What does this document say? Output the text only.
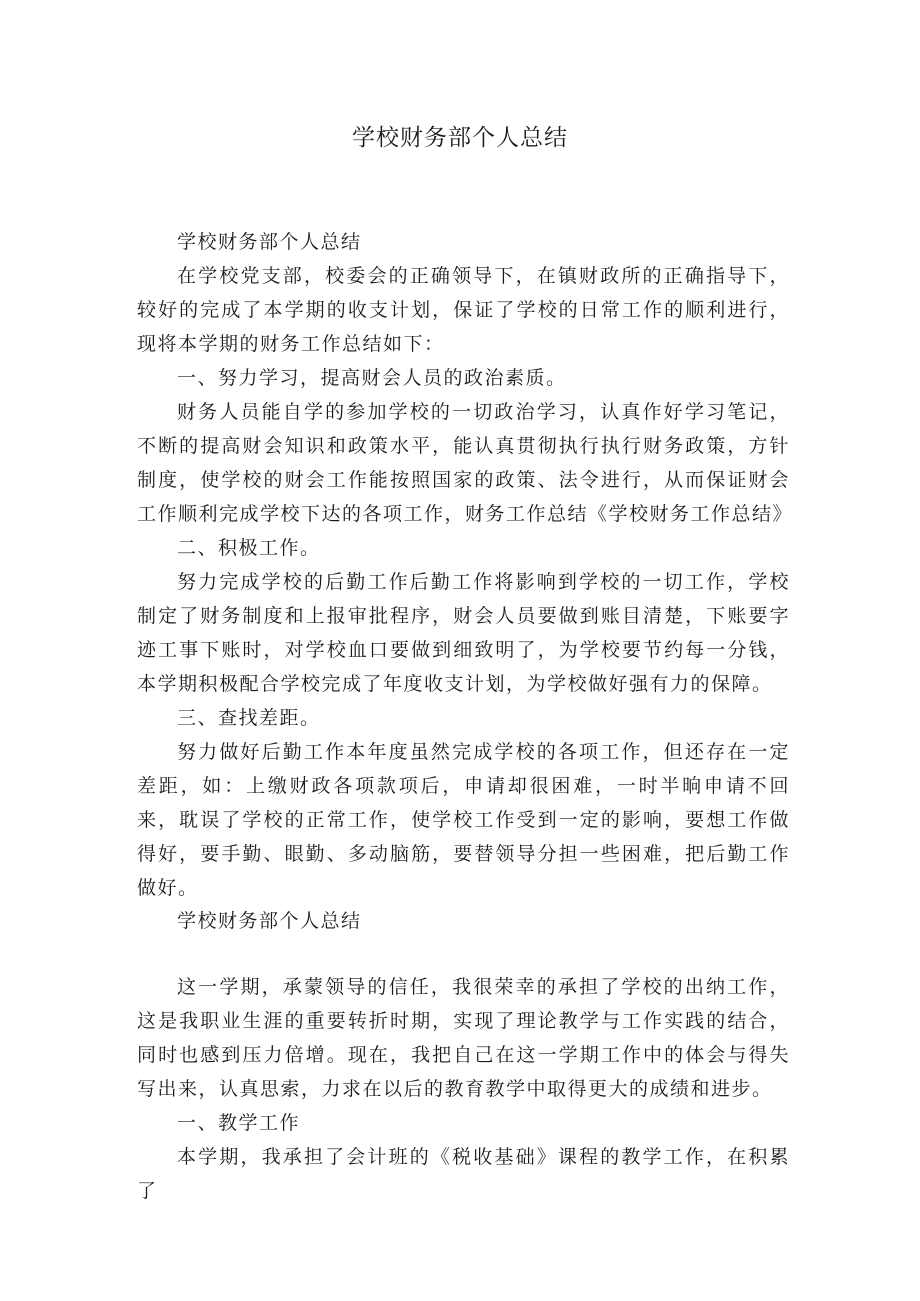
学校财务部个人总结

学校财务部个人总结

在学校党支部，校委会的正确领导下，在镇财政所的正确指导下，较好的完成了本学期的收支计划，保证了学校的日常工作的顺利进行，现将本学期的财务工作总结如下：

一、努力学习，提高财会人员的政治素质。

财务人员能自学的参加学校的一切政治学习，认真作好学习笔记，不断的提高财会知识和政策水平，能认真贯彻执行执行财务政策，方针制度，使学校的财会工作能按照国家的政策、法令进行，从而保证财会工作顺利完成学校下达的各项工作，财务工作总结《学校财务工作总结》

二、积极工作。

努力完成学校的后勤工作后勤工作将影响到学校的一切工作，学校制定了财务制度和上报审批程序，财会人员要做到账目清楚，下账要字迹工事下账时，对学校血口要做到细致明了，为学校要节约每一分钱，本学期积极配合学校完成了年度收支计划，为学校做好强有力的保障。

三、查找差距。

努力做好后勤工作本年度虽然完成学校的各项工作，但还存在一定差距，如：上缴财政各项款项后，申请却很困难，一时半晌申请不回来，耽误了学校的正常工作，使学校工作受到一定的影响，要想工作做得好，要手勤、眼勤、多动脑筋，要替领导分担一些困难，把后勤工作做好。

学校财务部个人总结

这一学期，承蒙领导的信任，我很荣幸的承担了学校的出纳工作，这是我职业生涯的重要转折时期，实现了理论教学与工作实践的结合，同时也感到压力倍增。现在，我把自己在这一学期工作中的体会与得失写出来，认真思索，力求在以后的教育教学中取得更大的成绩和进步。

一、教学工作

本学期，我承担了会计班的《税收基础》课程的教学工作，在积累了
